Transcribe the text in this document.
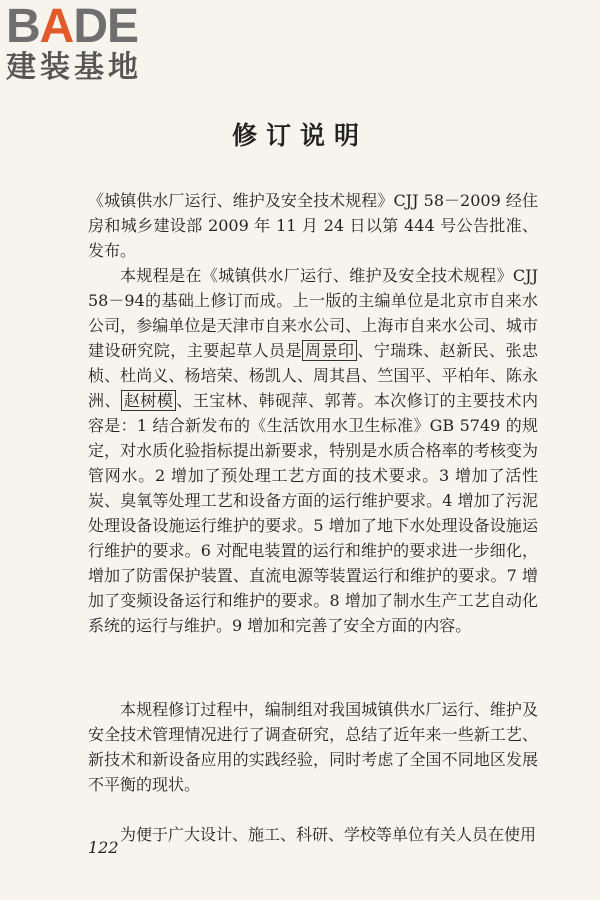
BADE
建装基地
修订说明

《城镇供水厂运行、维护及安全技术规程》CJJ 58－2009 经住房和城乡建设部 2009 年 11 月 24 日以第 444 号公告批准、发布。

本规程是在《城镇供水厂运行、维护及安全技术规程》CJJ 58－94的基础上修订而成。上一版的主编单位是北京市自来水公司，参编单位是天津市自来水公司、上海市自来水公司、城市建设研究院，主要起草人员是 周景印 、宁瑞珠、赵新民、张忠桢、杜尚义、杨培荣、杨凯人、周其昌、竺国平、平柏年、陈永洲、 赵树模 、王宝林、韩砚萍、郭菁。本次修订的主要技术内容是：1 结合新发布的《生活饮用水卫生标准》GB 5749 的规定，对水质化验指标提出新要求，特别是水质合格率的考核变为管网水。2 增加了预处理工艺方面的技术要求。3 增加了活性炭、臭氧等处理工艺和设备方面的运行维护要求。4 增加了污泥处理设备设施运行维护的要求。5 增加了地下水处理设备设施运行维护的要求。6 对配电装置的运行和维护的要求进一步细化，增加了防雷保护装置、直流电源等装置运行和维护的要求。7 增加了变频设备运行和维护的要求。8 增加了制水生产工艺自动化系统的运行与维护。9 增加和完善了安全方面的内容。

本规程修订过程中，编制组对我国城镇供水厂运行、维护及安全技术管理情况进行了调查研究，总结了近年来一些新工艺、新技术和新设备应用的实践经验，同时考虑了全国不同地区发展不平衡的现状。

为便于广大设计、施工、科研、学校等单位有关人员在使用

122
